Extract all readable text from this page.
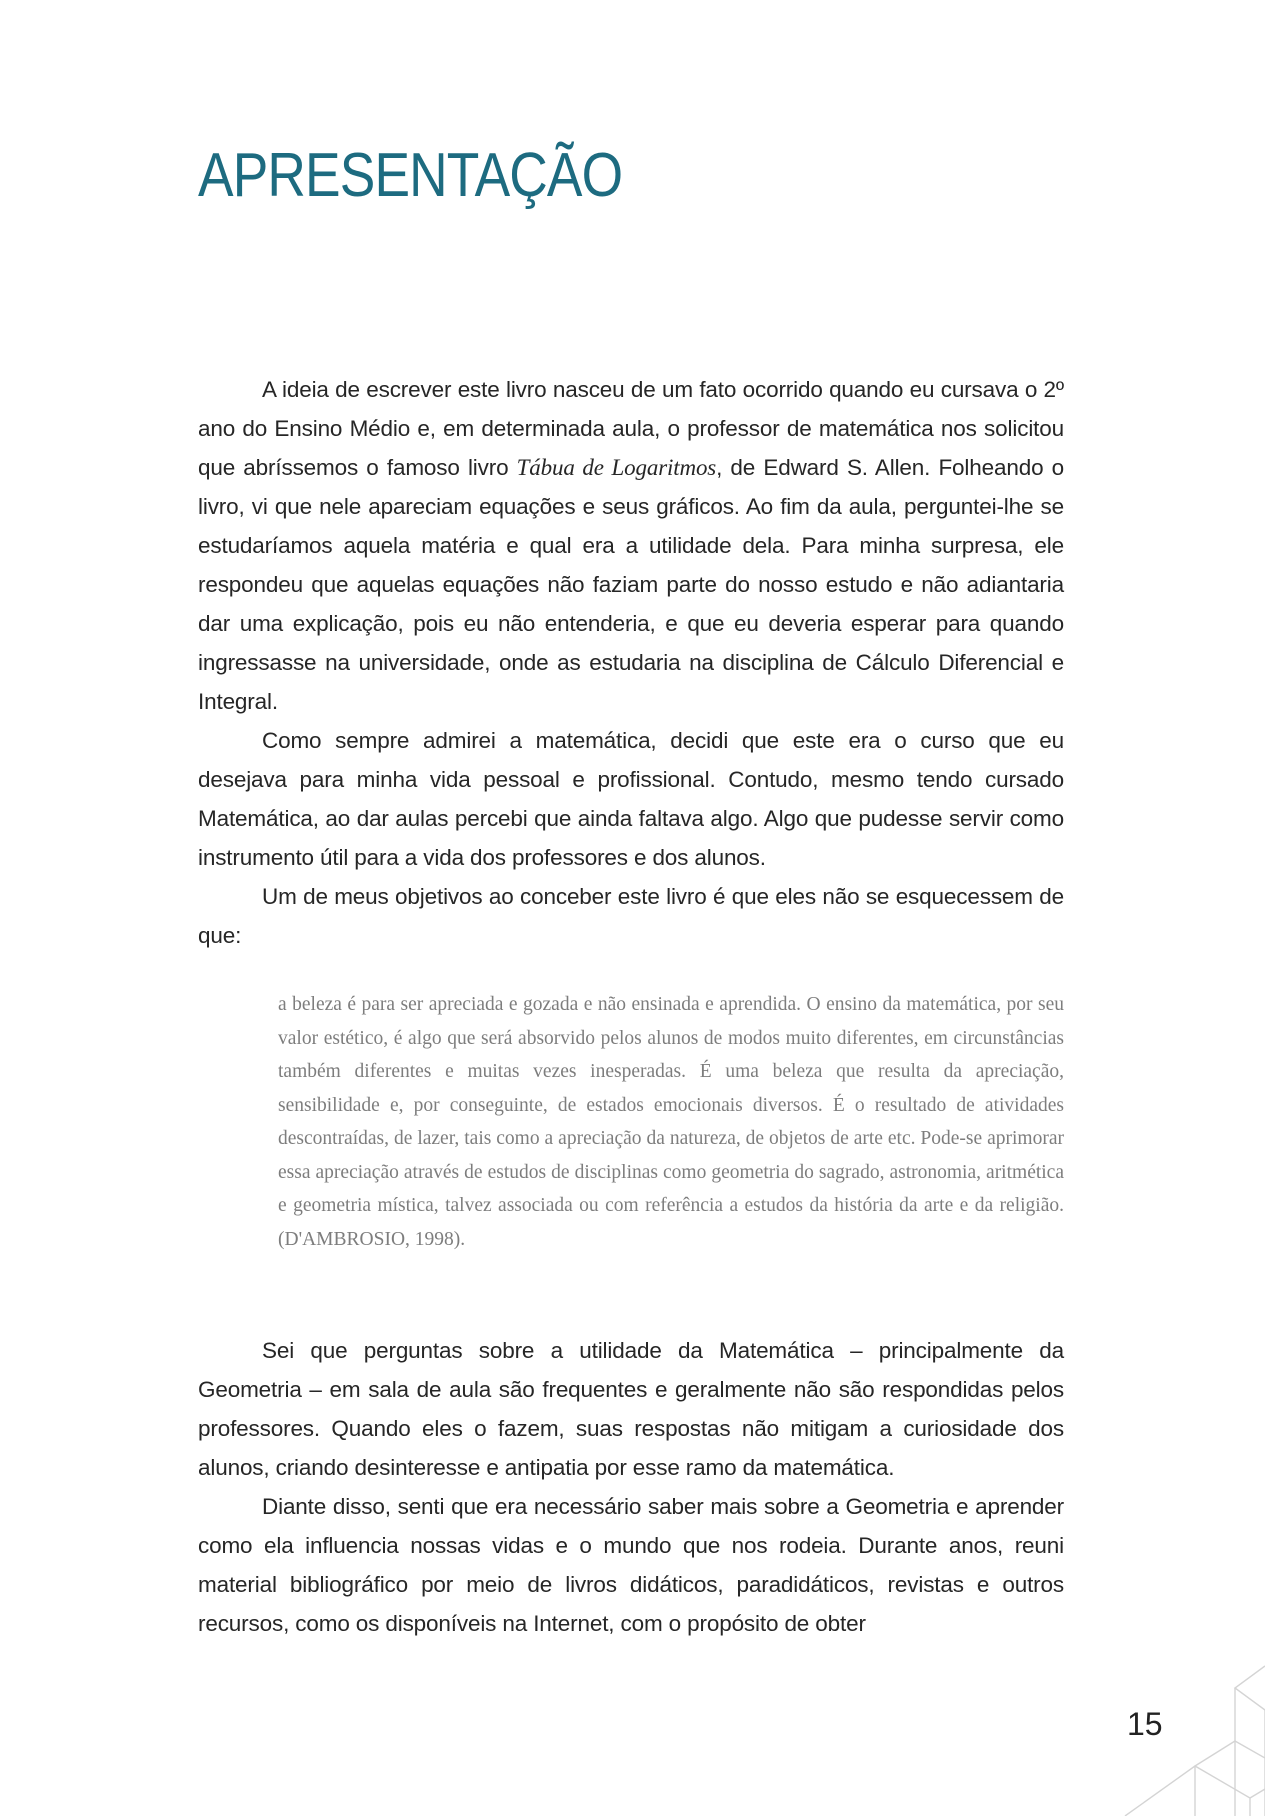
APRESENTAÇÃO

A ideia de escrever este livro nasceu de um fato ocorrido quando eu cursava o 2º ano do Ensino Médio e, em determinada aula, o professor de matemática nos solicitou que abríssemos o famoso livro Tábua de Logaritmos, de Edward S. Allen. Folheando o livro, vi que nele apareciam equações e seus gráficos. Ao fim da aula, perguntei-lhe se estudaríamos aquela matéria e qual era a utilidade dela. Para minha surpresa, ele respondeu que aquelas equações não faziam parte do nosso estudo e não adiantaria dar uma explicação, pois eu não entenderia, e que eu deveria esperar para quando ingressasse na universidade, onde as estudaria na disciplina de Cálculo Diferencial e Integral.

Como sempre admirei a matemática, decidi que este era o curso que eu desejava para minha vida pessoal e profissional. Contudo, mesmo tendo cursado Matemática, ao dar aulas percebi que ainda faltava algo. Algo que pudesse servir como instrumento útil para a vida dos professores e dos alunos.

Um de meus objetivos ao conceber este livro é que eles não se esquecessem de que:

a beleza é para ser apreciada e gozada e não ensinada e aprendida. O ensino da matemática, por seu valor estético, é algo que será absorvido pelos alunos de modos muito diferentes, em circunstâncias também diferentes e muitas vezes inesperadas. É uma beleza que resulta da apreciação, sensibilidade e, por conseguinte, de estados emocionais diversos. É o resultado de atividades descontraídas, de lazer, tais como a apreciação da natureza, de objetos de arte etc. Pode-se aprimorar essa apreciação através de estudos de disciplinas como geometria do sagrado, astronomia, aritmética e geometria mística, talvez associada ou com referência a estudos da história da arte e da religião. (D'AMBROSIO, 1998).

Sei que perguntas sobre a utilidade da Matemática – principalmente da Geometria – em sala de aula são frequentes e geralmente não são respondidas pelos professores. Quando eles o fazem, suas respostas não mitigam a curiosidade dos alunos, criando desinteresse e antipatia por esse ramo da matemática.

Diante disso, senti que era necessário saber mais sobre a Geometria e aprender como ela influencia nossas vidas e o mundo que nos rodeia. Durante anos, reuni material bibliográfico por meio de livros didáticos, paradidáticos, revistas e outros recursos, como os disponíveis na Internet, com o propósito de obter

15
